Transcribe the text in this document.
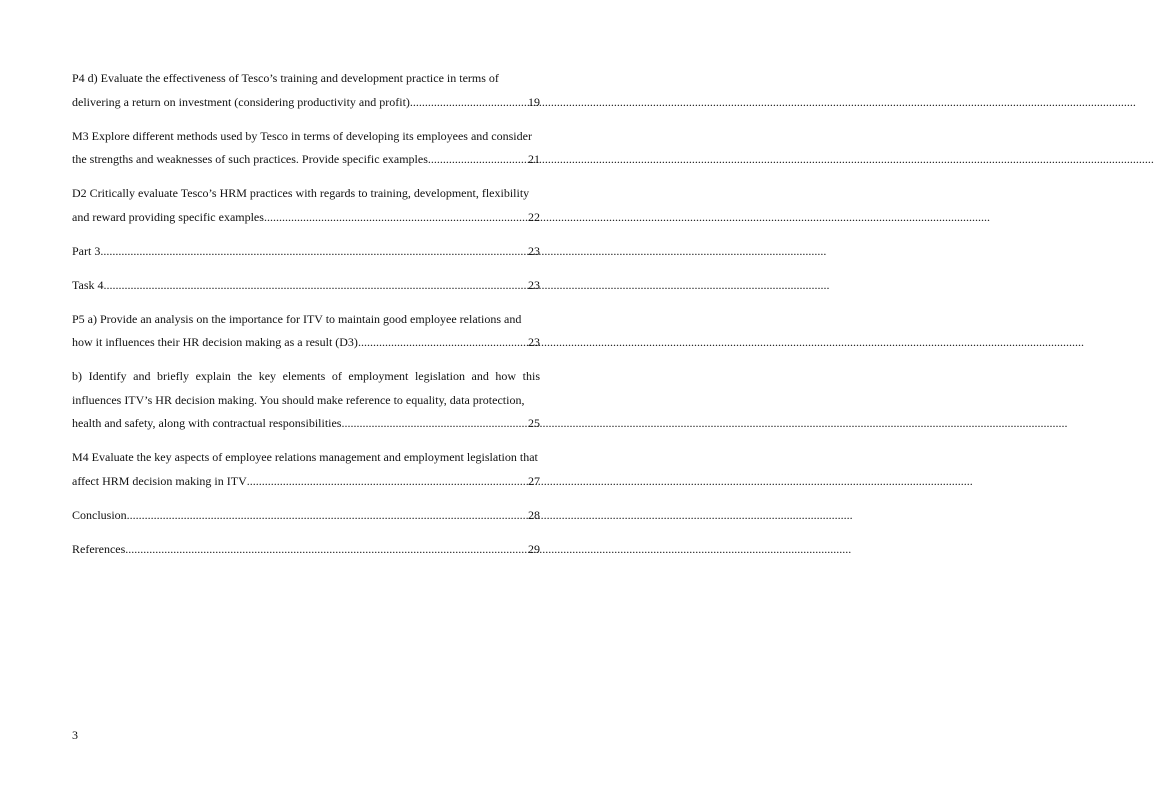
P4 d) Evaluate the effectiveness of Tesco’s training and development practice in terms of
delivering a return on investment (considering productivity and profit) .....	19
M3 Explore different methods used by Tesco in terms of developing its employees and consider
the strengths and weaknesses of such practices. Provide specific examples .....	21
D2 Critically evaluate Tesco’s HRM practices with regards to training, development, flexibility
and reward providing specific examples .....	22
Part 3 .....	23
Task 4 .....	23
P5 a) Provide an analysis on the importance for ITV to maintain good employee relations and
how it influences their HR decision making as a result (D3) .....	23
b) Identify and briefly explain the key elements of employment legislation and how this influences ITV’s HR decision making. You should make reference to equality, data protection,
health and safety, along with contractual responsibilities .....	25
M4 Evaluate the key aspects of employee relations management and employment legislation that
affect HRM decision making in ITV .....	27
Conclusion .....	28
References .....	29
3
